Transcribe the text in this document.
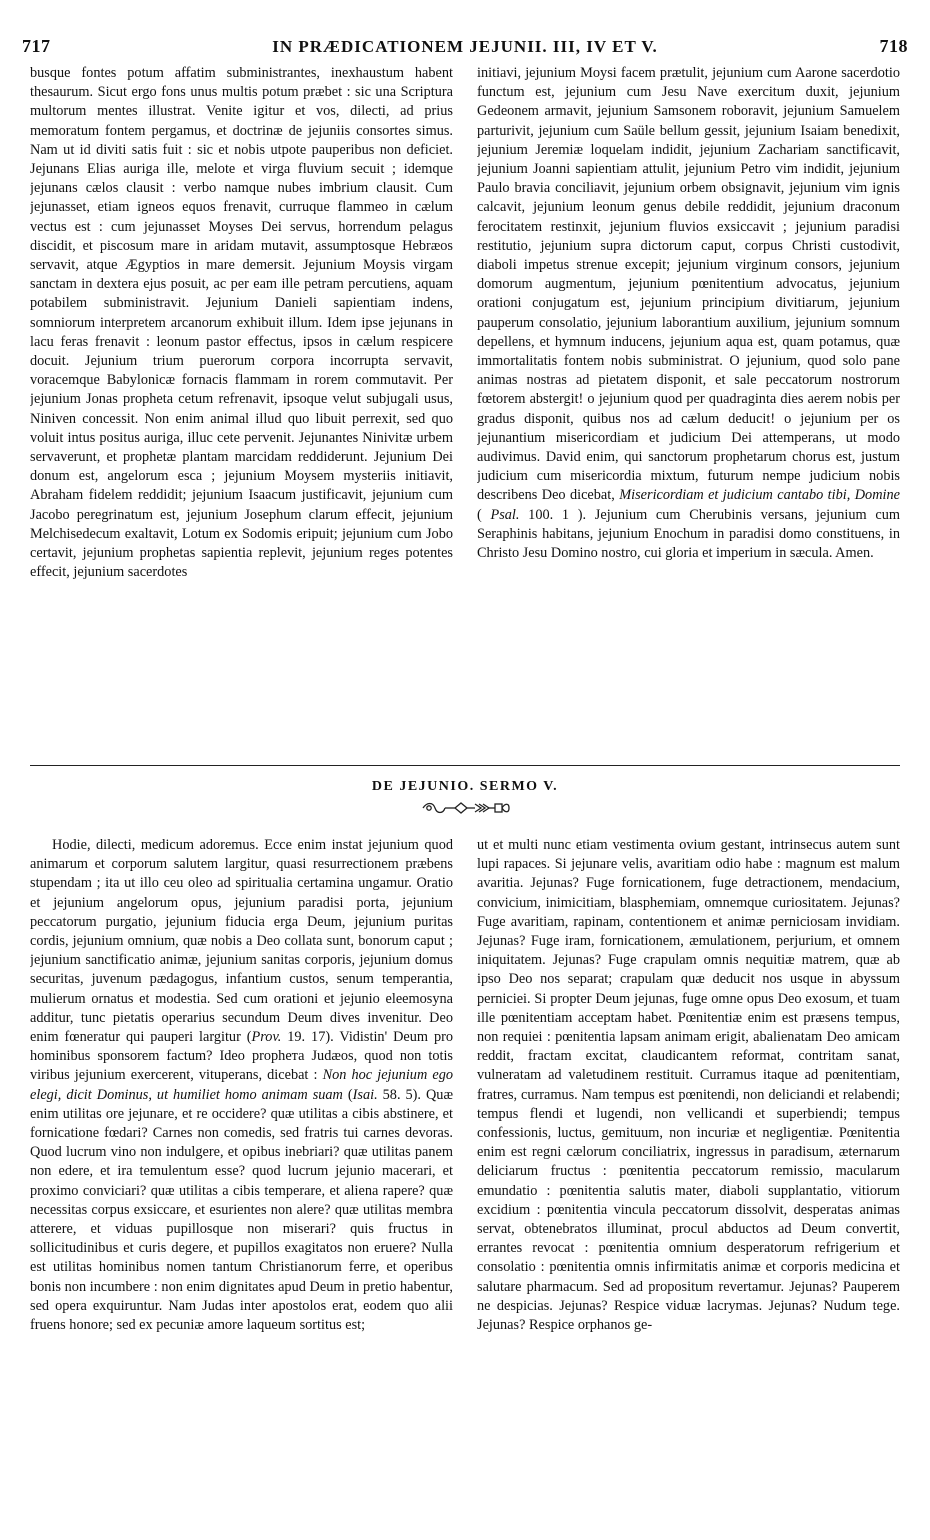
717	IN PRÆDICATIONEM JEJUNII. III, IV ET V.	718

busque fontes potum affatim subministrantes, inexhaustum habent thesaurum. Sicut ergo fons unus multis potum præbet : sic una Scriptura multorum mentes illustrat. Venite igitur et vos, dilecti, ad prius memoratum fontem pergamus, et doctrinæ de jejuniis consortes simus. Nam ut id diviti satis fuit : sic et nobis utpote pauperibus non deficiet. Jejunans Elias auriga ille, melote et virga fluvium secuit ; idemque jejunans cælos clausit : verbo namque nubes imbrium clausit. Cum jejunasset, etiam igneos equos frenavit, curruque flammeo in cælum vectus est : cum jejunasset Moyses Dei servus, horrendum pelagus discidit, et piscosum mare in aridam mutavit, assumptosque Hebræos servavit, atque Ægyptios in mare demersit. Jejunium Moysis virgam sanctam in dextera ejus posuit, ac per eam ille petram percutiens, aquam potabilem subministravit. Jejunium Danieli sapientiam indens, somniorum interpretem arcanorum exhibuit illum. Idem ipse jejunans in lacu feras frenavit : leonum pastor effectus, ipsos in cælum respicere docuit. Jejunium trium puerorum corpora incorrupta servavit, voracemque Babylonicæ fornacis flammam in rorem commutavit. Per jejunium Jonas propheta cetum refrenavit, ipsoque velut subjugali usus, Niniven concessit. Non enim animal illud quo libuit perrexit, sed quo voluit intus positus auriga, illuc cete pervenit. Jejunantes Ninivitæ urbem servaverunt, et prophetæ plantam marcidam reddiderunt. Jejunium Dei donum est, angelorum esca ; jejunium Moysem mysteriis initiavit, Abraham fidelem reddidit; jejunium Isaacum justificavit, jejunium cum Jacobo peregrinatum est, jejunium Josephum clarum effecit, jejunium Melchisedecum exaltavit, Lotum ex Sodomis eripuit; jejunium cum Jobo certavit, jejunium prophetas sapientia replevit, jejunium reges potentes effecit, jejunium sacerdotes

initiavi, jejunium Moysi facem prætulit, jejunium cum Aarone sacerdotio functum est, jejunium cum Jesu Nave exercitum duxit, jejunium Gedeonem armavit, jejunium Samsonem roboravit, jejunium Samuelem parturivit, jejunium cum Saüle bellum gessit, jejunium Isaiam benedixit, jejunium Jeremiæ loquelam indidit, jejunium Zachariam sanctificavit, jejunium Joanni sapientiam attulit, jejunium Petro vim indidit, jejunium Paulo bravia conciliavit, jejunium orbem obsignavit, jejunium vim ignis calcavit, jejunium leonum genus debile reddidit, jejunium draconum ferocitatem restinxit, jejunium fluvios exsiccavit ; jejunium paradisi restitutio, jejunium supra dictorum caput, corpus Christi custodivit, diaboli impetus strenue excepit; jejunium virginum consors, jejunium domorum augmentum, jejunium pœnitentium advocatus, jejunium orationi conjugatum est, jejunium principium divitiarum, jejunium pauperum consolatio, jejunium laborantium auxilium, jejunium somnum depellens, et hymnum inducens, jejunium aqua est, quam potamus, quæ immortalitatis fontem nobis subministrat. O jejunium, quod solo pane animas nostras ad pietatem disponit, et sale peccatorum nostrorum fœtorem abstergit! o jejunium quod per quadraginta dies aerem nobis per gradus disponit, quibus nos ad cælum deducit! o jejunium per os jejunantium misericordiam et judicium Dei attemperans, ut modo audivimus. David enim, qui sanctorum prophetarum chorus est, justum judicium cum misericordia mixtum, futurum nempe judicium nobis describens Deo dicebat, Misericordiam et judicium cantabo tibi, Domine ( Psal. 100. 1 ). Jejunium cum Cherubinis versans, jejunium cum Seraphinis habitans, jejunium Enochum in paradisi domo constituens, in Christo Jesu Domino nostro, cui gloria et imperium in sæcula. Amen.

DE JEJUNIO. SERMO V.

Hodie, dilecti, medicum adoremus. Ecce enim instat jejunium quod animarum et corporum salutem largitur, quasi resurrectionem præbens stupendam ; ita ut illo ceu oleo ad spiritualia certamina ungamur. Oratio et jejunium angelorum opus, jejunium paradisi porta, jejunium peccatorum purgatio, jejunium fiducia erga Deum, jejunium puritas cordis, jejunium omnium, quæ nobis a Deo collata sunt, bonorum caput ; jejunium sanctificatio animæ, jejunium sanitas corporis, jejunium domus securitas, juvenum pædagogus, infantium custos, senum temperantia, mulierum ornatus et modestia. Sed cum orationi et jejunio eleemosyna additur, tunc pietatis operarius secundum Deum dives invenitur. Deo enim fœneratur qui pauperi largitur (Prov. 19. 17). Vidistin' Deum pro hominibus sponsorem factum? Ideo prophета Judæos, quod non totis viribus jejunium exercerent, vituperans, dicebat : Non hoc jejunium ego elegi, dicit Dominus, ut humiliet homo animam suam (Isai. 58. 5). Quæ enim utilitas ore jejunare, et re occidere? quæ utilitas a cibis abstinere, et fornicatione fœdari? Carnes non comedis, sed fratris tui carnes devoras. Quod lucrum vino non indulgere, et opibus inebriari? quæ utilitas panem non edere, et ira temulentum esse? quod lucrum jejunio macerari, et proximo conviciari? quæ utilitas a cibis temperare, et aliena rapere? quæ necessitas corpus exsiccare, et esurientes non alere? quæ utilitas membra atterere, et viduas pupillosque non miserari? quis fructus in sollicitudinibus et curis degere, et pupillos exagitatos non eruere? Nulla est utilitas hominibus nomen tantum Christianorum ferre, et operibus bonis non incumbere : non enim dignitates apud Deum in pretio habentur, sed opera exquiruntur. Nam Judas inter apostolos erat, eodem quo alii fruens honore; sed ex pecuniæ amore laqueum sortitus est;

ut et multi nunc etiam vestimenta ovium gestant, intrinsecus autem sunt lupi rapaces. Si jejunare velis, avaritiam odio habe : magnum est malum avaritia. Jejunas? Fuge fornicationem, fuge detractionem, mendacium, convicium, inimicitiam, blasphemiam, omnemque curiositatem. Jejunas? Fuge avaritiam, rapinam, contentionem et animæ perniciosam invidiam. Jejunas? Fuge iram, fornicationem, æmulationem, perjurium, et omnem iniquitatem. Jejunas? Fuge crapulam omnis nequitiæ matrem, quæ ab ipso Deo nos separat; crapulam quæ deducit nos usque in abyssum perniciei. Si propter Deum jejunas, fuge omne opus Deo exosum, et tuam ille pœnitentiam acceptam habet. Pœnitentiæ enim est præsens tempus, non requiei : pœnitentia lapsam animam erigit, abalienatam Deo amicam reddit, fractam excitat, claudicantem reformat, contritam sanat, vulneratam ad valetudinem restituit. Curramus itaque ad pœnitentiam, fratres, curramus. Nam tempus est pœnitendi, non deliciandi et relabendi; tempus flendi et lugendi, non vellicandi et superbiendi; tempus confessionis, luctus, gemituum, non incuriæ et negligentiæ. Pœnitentia enim est regni cælorum conciliatrix, ingressus in paradisum, æternarum deliciarum fructus : pœnitentia peccatorum remissio, macularum emundatio : pœnitentia salutis mater, diaboli supplantatio, vitiorum excidium : pœnitentia vincula peccatorum dissolvit, desperatas animas servat, obtenebratos illuminat, procul abductos ad Deum convertit, errantes revocat : pœnitentia omnium desperatorum refrigerium et consolatio : pœnitentia omnis infirmitatis animæ et corporis medicina et salutare pharmacum. Sed ad propositum revertamur. Jejunas? Pauperem ne despicias. Jejunas? Respice viduæ lacrymas. Jejunas? Nudum tege. Jejunas? Respice orphanos ge-
